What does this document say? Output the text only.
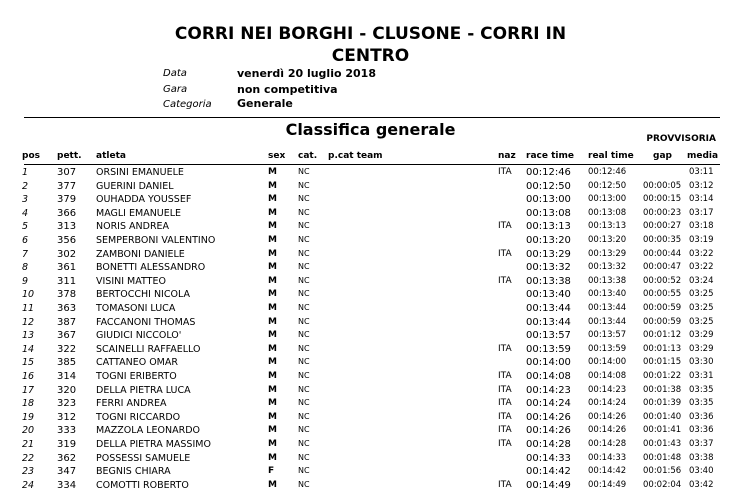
CORRI NEI BORGHI - CLUSONE - CORRI IN
CENTRO
Data	venerdì 20 luglio 2018
Gara	non competitiva
Categoria Generale
Classifica generale	PROVVISORIA
pos pett. atleta	sex cat. p.cat team	naz race time real time gap media
1	307 ORSINI EMANUELE	M	NC	ITA 00:12:46 00:12:46	03:11
2	377 GUERINI DANIEL	M	NC	00:12:50 00:12:50 00:00:05 03:12
3	379 OUHADDA YOUSSEF	M	NC	00:13:00 00:13:00 00:00:15 03:14
4	366 MAGLI EMANUELE	M	NC	00:13:08 00:13:08 00:00:23 03:17
5	313 NORIS ANDREA	M	NC	ITA 00:13:13 00:13:13 00:00:27 03:18
6	356 SEMPERBONI VALENTINO	M	NC	00:13:20 00:13:20 00:00:35 03:19
7	302 ZAMBONI DANIELE	M	NC	ITA 00:13:29 00:13:29 00:00:44 03:22
8	361 BONETTI ALESSANDRO	M	NC	00:13:32 00:13:32 00:00:47 03:22
9	311 VISINI MATTEO	M	NC	ITA 00:13:38 00:13:38 00:00:52 03:24
10 378 BERTOCCHI NICOLA	M	NC	00:13:40 00:13:40 00:00:55 03:25
11 363 TOMASONI LUCA	M	NC	00:13:44 00:13:44 00:00:59 03:25
12 387 FACCANONI THOMAS	M	NC	00:13:44 00:13:44 00:00:59 03:25
13 367 GIUDICI NICCOLO'	M	NC	00:13:57 00:13:57 00:01:12 03:29
14 322 SCAINELLI RAFFAELLO	M	NC	ITA 00:13:59 00:13:59 00:01:13 03:29
15 385 CATTANEO OMAR	M	NC	00:14:00 00:14:00 00:01:15 03:30
16 314 TOGNI ERIBERTO	M	NC	ITA 00:14:08 00:14:08 00:01:22 03:31
17 320 DELLA PIETRA LUCA	M	NC	ITA 00:14:23 00:14:23 00:01:38 03:35
18 323 FERRI ANDREA	M	NC	ITA 00:14:24 00:14:24 00:01:39 03:35
19 312 TOGNI RICCARDO	M	NC	ITA 00:14:26 00:14:26 00:01:40 03:36
20 333 MAZZOLA LEONARDO	M	NC	ITA 00:14:26 00:14:26 00:01:41 03:36
21 319 DELLA PIETRA MASSIMO	M	NC	ITA 00:14:28 00:14:28 00:01:43 03:37
22 362 POSSESSI SAMUELE	M	NC	00:14:33 00:14:33 00:01:48 03:38
23 347 BEGNIS CHIARA	F	NC	00:14:42 00:14:42 00:01:56 03:40
24 334 COMOTTI ROBERTO	M	NC	ITA 00:14:49 00:14:49 00:02:04 03:42
